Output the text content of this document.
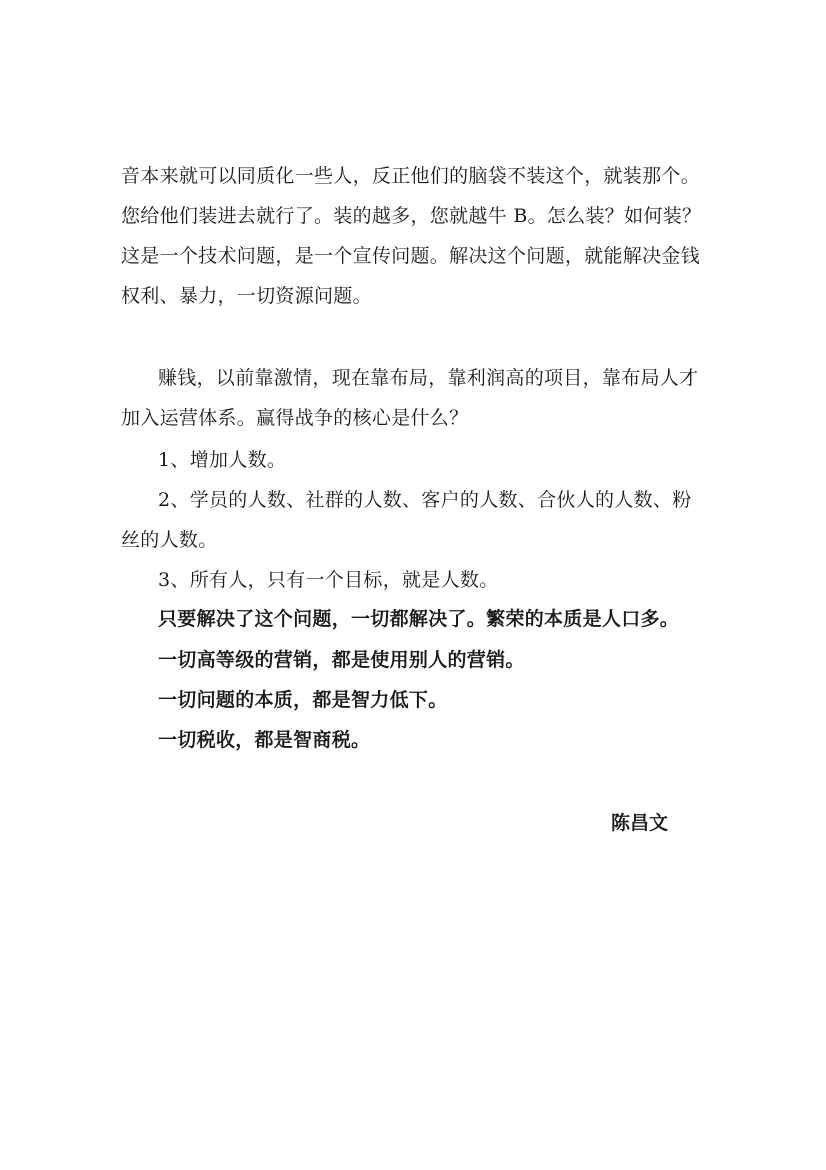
音本来就可以同质化一些人，反正他们的脑袋不装这个，就装那个。
您给他们装进去就行了。装的越多，您就越牛 B。怎么装？如何装？
这是一个技术问题，是一个宣传问题。解决这个问题，就能解决金钱
权利、暴力，一切资源问题。
赚钱，以前靠激情，现在靠布局，靠利润高的项目，靠布局人才
加入运营体系。赢得战争的核心是什么？
1、增加人数。
2、学员的人数、社群的人数、客户的人数、合伙人的人数、粉
丝的人数。
3、所有人，只有一个目标，就是人数。
只要解决了这个问题，一切都解决了。繁荣的本质是人口多。
一切高等级的营销，都是使用别人的营销。
一切问题的本质，都是智力低下。
一切税收，都是智商税。
陈昌文
